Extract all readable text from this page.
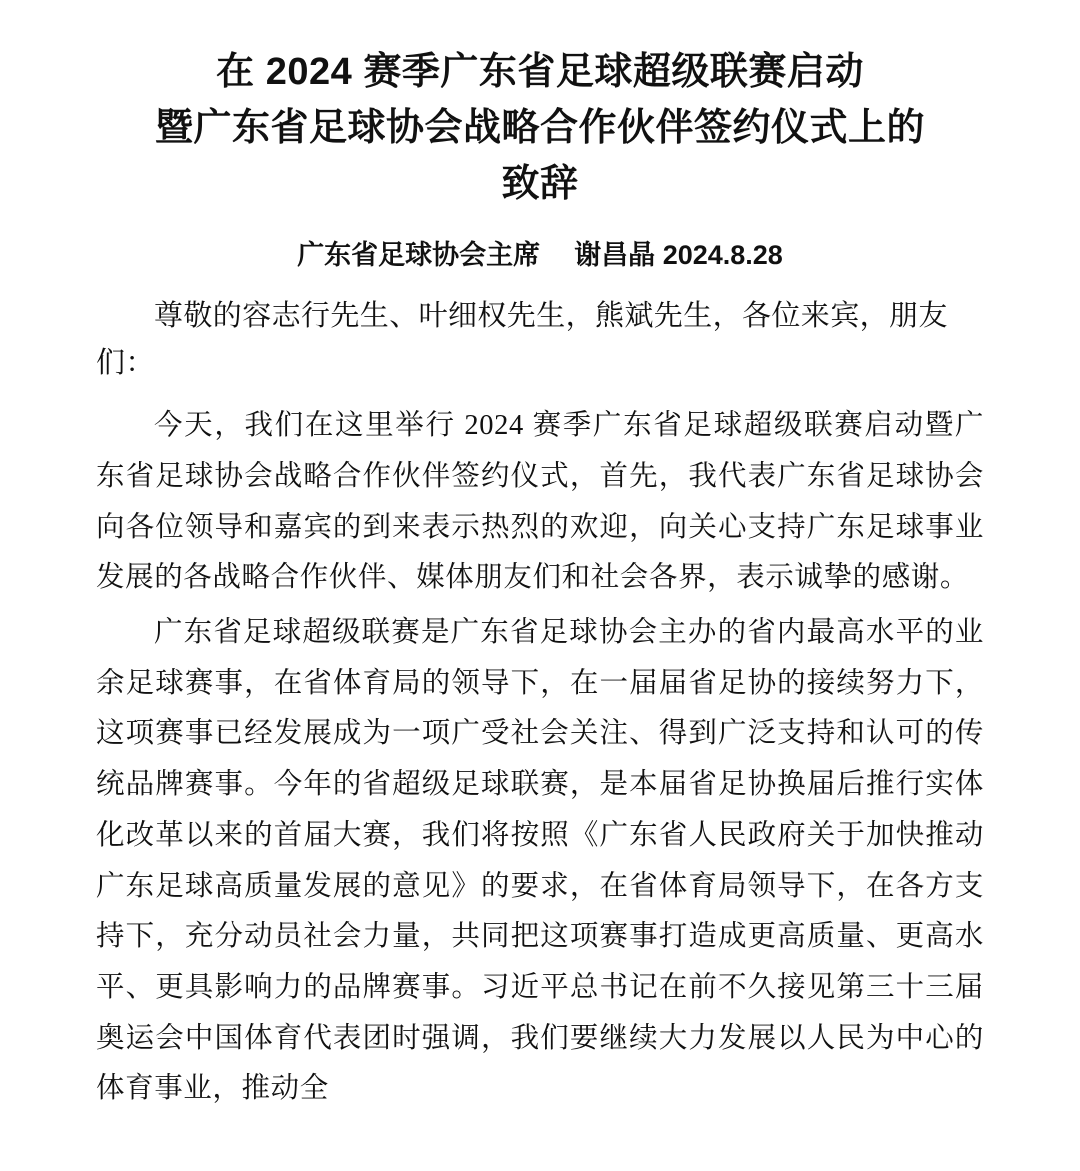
在 2024 赛季广东省足球超级联赛启动
暨广东省足球协会战略合作伙伴签约仪式上的
致辞
广东省足球协会主席 谢昌晶 2024.8.28

尊敬的容志行先生、叶细权先生，熊斌先生，各位来宾，朋友们：

今天，我们在这里举行 2024 赛季广东省足球超级联赛启动暨广东省足球协会战略合作伙伴签约仪式，首先，我代表广东省足球协会向各位领导和嘉宾的到来表示热烈的欢迎，向关心支持广东足球事业发展的各战略合作伙伴、媒体朋友们和社会各界，表示诚挚的感谢。

广东省足球超级联赛是广东省足球协会主办的省内最高水平的业余足球赛事，在省体育局的领导下，在一届届省足协的接续努力下，这项赛事已经发展成为一项广受社会关注、得到广泛支持和认可的传统品牌赛事。今年的省超级足球联赛，是本届省足协换届后推行实体化改革以来的首届大赛，我们将按照《广东省人民政府关于加快推动广东足球高质量发展的意见》的要求，在省体育局领导下，在各方支持下，充分动员社会力量，共同把这项赛事打造成更高质量、更高水平、更具影响力的品牌赛事。习近平总书记在前不久接见第三十三届奥运会中国体育代表团时强调，我们要继续大力发展以人民为中心的体育事业，推动全
